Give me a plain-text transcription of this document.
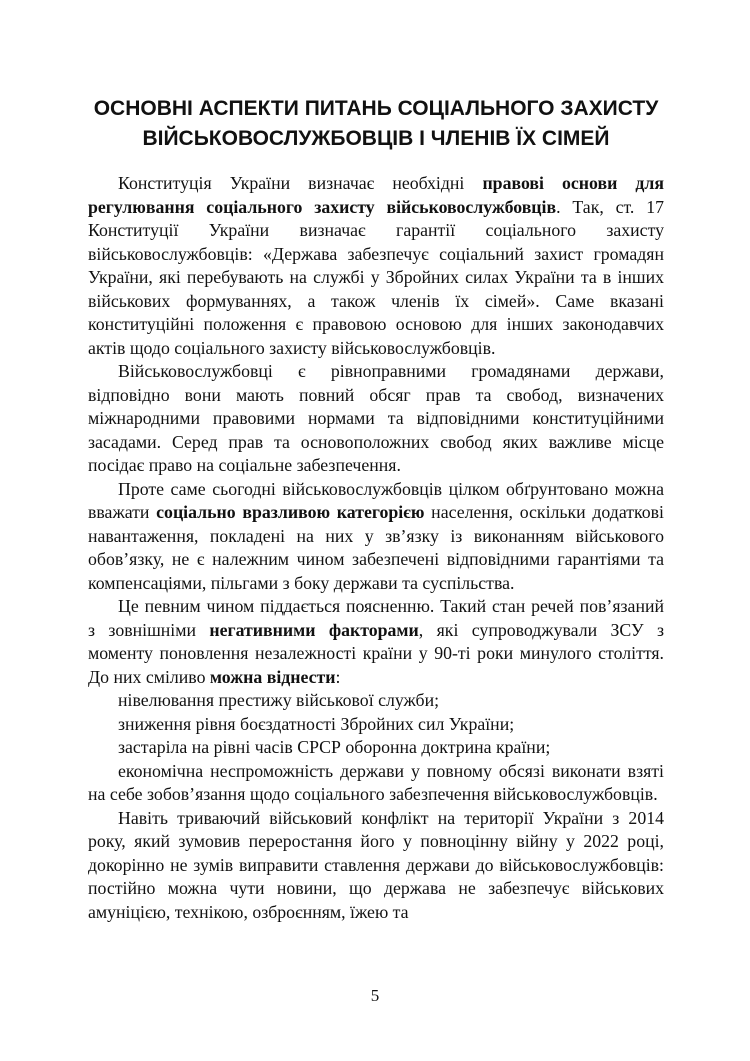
ОСНОВНІ АСПЕКТИ ПИТАНЬ СОЦІАЛЬНОГО ЗАХИСТУ
ВІЙСЬКОВОСЛУЖБОВЦІВ І ЧЛЕНІВ ЇХ СІМЕЙ

Конституція України визначає необхідні правові основи для регулювання соціального захисту військовослужбовців. Так, ст. 17 Конституції України визначає гарантії соціального захисту військовослужбовців: «Держава забезпечує соціальний захист громадян України, які перебувають на службі у Збройних силах України та в інших військових формуваннях, а також членів їх сімей». Саме вказані конституційні положення є правовою основою для інших законодавчих актів щодо соціального захисту військовослужбовців.

Військовослужбовці є рівноправними громадянами держави, відповідно вони мають повний обсяг прав та свобод, визначених міжнародними правовими нормами та відповідними конституційними засадами. Серед прав та основоположних свобод яких важливе місце посідає право на соціальне забезпечення.

Проте саме сьогодні військовослужбовців цілком обґрунтовано можна вважати соціально вразливою категорією населення, оскільки додаткові навантаження, покладені на них у зв’язку із виконанням військового обов’язку, не є належним чином забезпечені відповідними гарантіями та компенсаціями, пільгами з боку держави та суспільства.

Це певним чином піддається поясненню. Такий стан речей пов’язаний з зовнішніми негативними факторами, які супроводжували ЗСУ з моменту поновлення незалежності країни у 90-ті роки минулого століття. До них сміливо можна віднести:

нівелювання престижу військової служби;

зниження рівня боєздатності Збройних сил України;

застаріла на рівні часів СРСР оборонна доктрина країни;

економічна неспроможність держави у повному обсязі виконати взяті на себе зобов’язання щодо соціального забезпечення військовослужбовців.

Навіть триваючий військовий конфлікт на території України з 2014 року, який зумовив переростання його у повноцінну війну у 2022 році, докорінно не зумів виправити ставлення держави до військовослужбовців: постійно можна чути новини, що держава не забезпечує військових амуніцією, технікою, озброєнням, їжею та

5
